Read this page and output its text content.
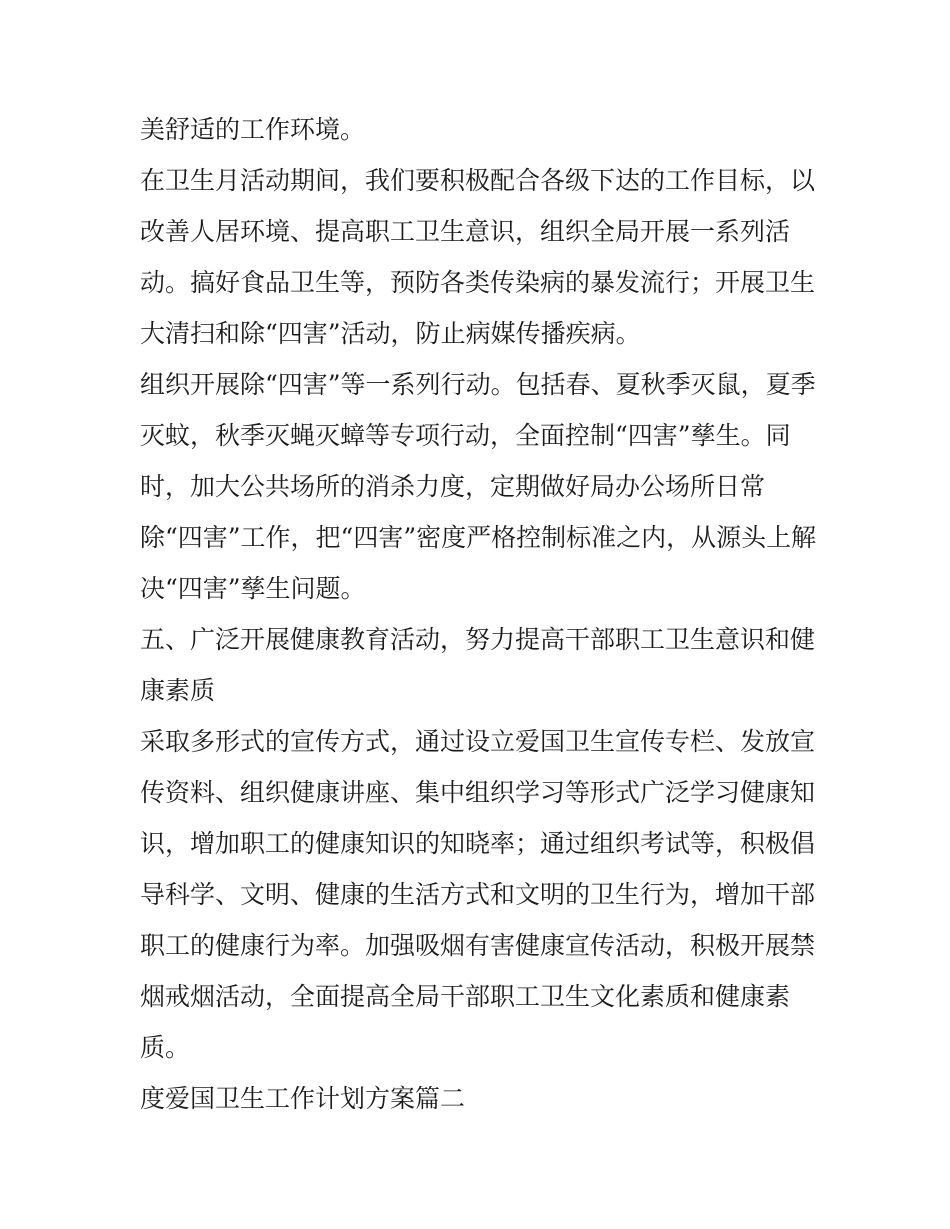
美舒适的工作环境。
在卫生月活动期间，我们要积极配合各级下达的工作目标，以
改善人居环境、提高职工卫生意识，组织全局开展一系列活
动。搞好食品卫生等，预防各类传染病的暴发流行；开展卫生
大清扫和除“四害”活动，防止病媒传播疾病。
组织开展除“四害”等一系列行动。包括春、夏秋季灭鼠，夏季
灭蚊，秋季灭蝇灭蟑等专项行动，全面控制“四害”孳生。同
时，加大公共场所的消杀力度，定期做好局办公场所日常
除“四害”工作，把“四害”密度严格控制标准之内，从源头上解
决“四害”孳生问题。
五、广泛开展健康教育活动，努力提高干部职工卫生意识和健
康素质
采取多形式的宣传方式，通过设立爱国卫生宣传专栏、发放宣
传资料、组织健康讲座、集中组织学习等形式广泛学习健康知
识，增加职工的健康知识的知晓率；通过组织考试等，积极倡
导科学、文明、健康的生活方式和文明的卫生行为，增加干部
职工的健康行为率。加强吸烟有害健康宣传活动，积极开展禁
烟戒烟活动，全面提高全局干部职工卫生文化素质和健康素
质。
度爱国卫生工作计划方案篇二
